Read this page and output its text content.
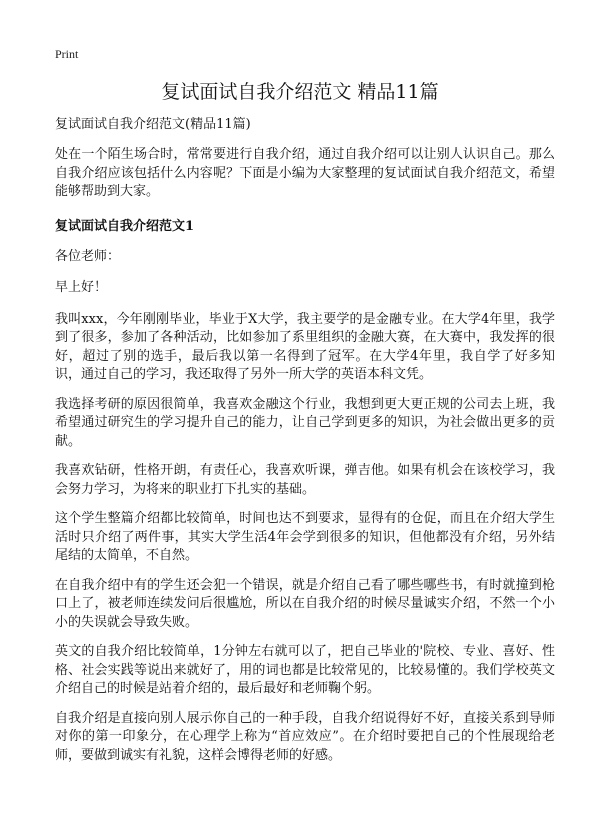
Print
复试面试自我介绍范文 精品11篇

复试面试自我介绍范文(精品11篇)

处在一个陌生场合时，常常要进行自我介绍，通过自我介绍可以让别人认识自己。那么自我介绍应该包括什么内容呢？下面是小编为大家整理的复试面试自我介绍范文，希望能够帮助到大家。

复试面试自我介绍范文1

各位老师：

早上好！

我叫xxx，今年刚刚毕业，毕业于X大学，我主要学的是金融专业。在大学4年里，我学到了很多，参加了各种活动，比如参加了系里组织的金融大赛，在大赛中，我发挥的很好，超过了别的选手，最后我以第一名得到了冠军。在大学4年里，我自学了好多知识，通过自己的学习，我还取得了另外一所大学的英语本科文凭。

我选择考研的原因很简单，我喜欢金融这个行业，我想到更大更正规的公司去上班，我希望通过研究生的学习提升自己的能力，让自己学到更多的知识，为社会做出更多的贡献。

我喜欢钻研，性格开朗，有责任心，我喜欢听课，弹吉他。如果有机会在该校学习，我会努力学习，为将来的职业打下扎实的基础。

这个学生整篇介绍都比较简单，时间也达不到要求，显得有的仓促，而且在介绍大学生活时只介绍了两件事，其实大学生活4年会学到很多的知识，但他都没有介绍，另外结尾结的太简单，不自然。

在自我介绍中有的学生还会犯一个错误，就是介绍自己看了哪些哪些书，有时就撞到枪口上了，被老师连续发问后很尴尬，所以在自我介绍的时候尽量诚实介绍，不然一个小小的失误就会导致失败。

英文的自我介绍比较简单，1分钟左右就可以了，把自己毕业的'院校、专业、喜好、性格、社会实践等说出来就好了，用的词也都是比较常见的，比较易懂的。我们学校英文介绍自己的时候是站着介绍的，最后最好和老师鞠个躬。

自我介绍是直接向别人展示你自己的一种手段，自我介绍说得好不好，直接关系到导师对你的第一印象分，在心理学上称为“首应效应”。在介绍时要把自己的个性展现给老师，要做到诚实有礼貌，这样会博得老师的好感。
